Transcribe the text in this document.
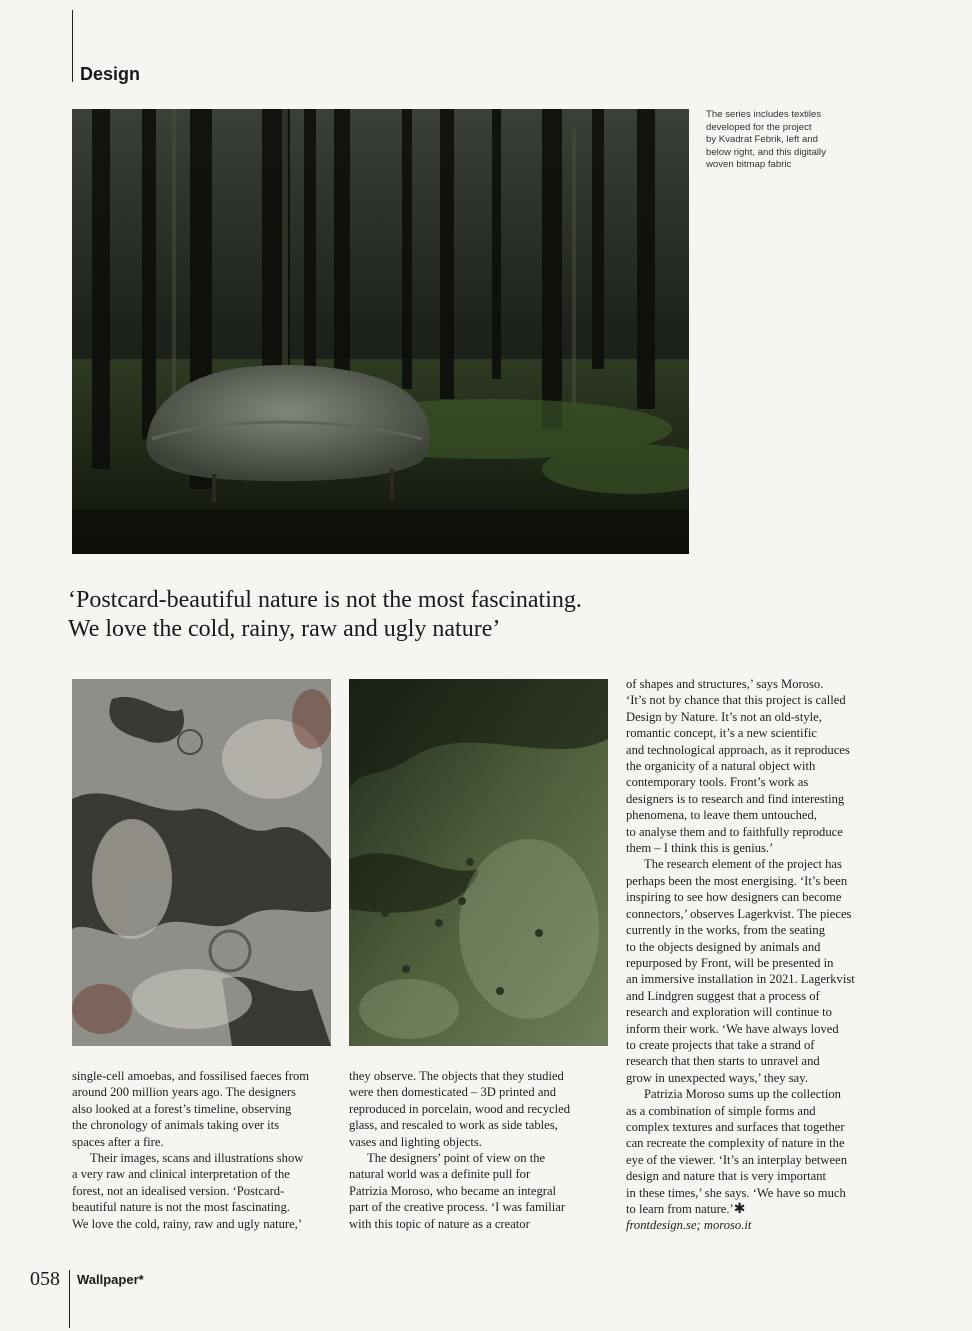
Design
The series includes textiles
developed for the project
by Kvadrat Febrik, left and
below right, and this digitally
woven bitmap fabric
‘Postcard-beautiful nature is not the most fascinating.
We love the cold, rainy, raw and ugly nature’
single-cell amoebas, and fossilised faeces from
around 200 million years ago. The designers
also looked at a forest’s timeline, observing
the chronology of animals taking over its
spaces after a fire.
Their images, scans and illustrations show
a very raw and clinical interpretation of the
forest, not an idealised version. ‘Postcard-
beautiful nature is not the most fascinating.
We love the cold, rainy, raw and ugly nature,’
they observe. The objects that they studied
were then domesticated – 3D printed and
reproduced in porcelain, wood and recycled
glass, and rescaled to work as side tables,
vases and lighting objects.
The designers’ point of view on the
natural world was a definite pull for
Patrizia Moroso, who became an integral
part of the creative process. ‘I was familiar
with this topic of nature as a creator
of shapes and structures,’ says Moroso.
‘It’s not by chance that this project is called
Design by Nature. It’s not an old-style,
romantic concept, it’s a new scientific
and technological approach, as it reproduces
the organicity of a natural object with
contemporary tools. Front’s work as
designers is to research and find interesting
phenomena, to leave them untouched,
to analyse them and to faithfully reproduce
them – I think this is genius.’
The research element of the project has
perhaps been the most energising. ‘It’s been
inspiring to see how designers can become
connectors,’ observes Lagerkvist. The pieces
currently in the works, from the seating
to the objects designed by animals and
repurposed by Front, will be presented in
an immersive installation in 2021. Lagerkvist
and Lindgren suggest that a process of
research and exploration will continue to
inform their work. ‘We have always loved
to create projects that take a strand of
research that then starts to unravel and
grow in unexpected ways,’ they say.
Patrizia Moroso sums up the collection
as a combination of simple forms and
complex textures and surfaces that together
can recreate the complexity of nature in the
eye of the viewer. ‘It’s an interplay between
design and nature that is very important
in these times,’ she says. ‘We have so much
to learn from nature.’✱
frontdesign.se; moroso.it
058 Wallpaper*
